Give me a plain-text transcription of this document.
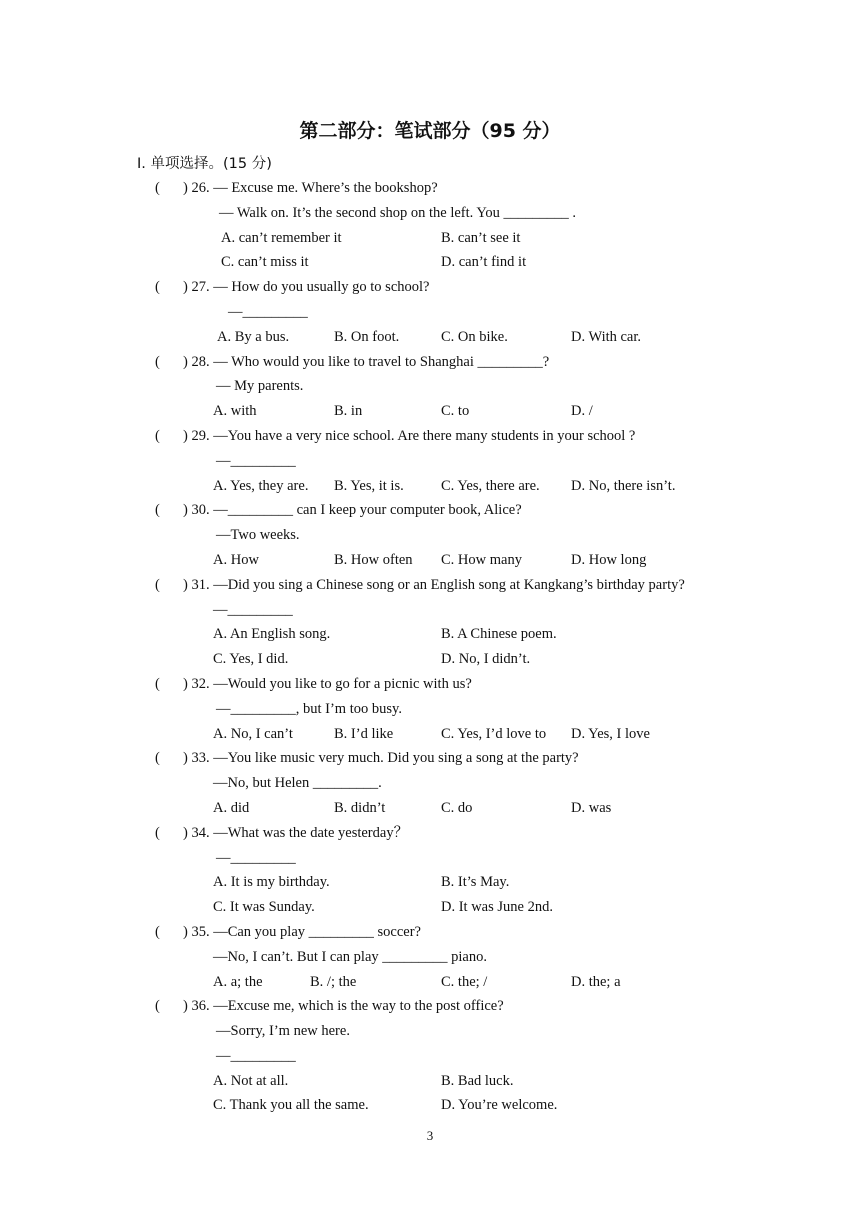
第二部分：笔试部分（95 分）
Ⅰ. 单项选择。(15 分)
( ) 26. — Excuse me. Where’s the bookshop?
— Walk on. It’s the second shop on the left. You _________ .
A. can’t remember it	B. can’t see it
C. can’t miss it	D. can’t find it
( ) 27. — How do you usually go to school?
—_________
A. By a bus.	B. On foot.	C. On bike.	D. With car.
( ) 28. — Who would you like to travel to Shanghai _________?
— My parents.
A. with	B. in	C. to	D. /
( ) 29. —You have a very nice school. Are there many students in your school ?
—_________
A. Yes, they are. B. Yes, it is.	C. Yes, there are. D. No, there isn’t.
( ) 30. —_________ can I keep your computer book, Alice?
—Two weeks.
A. How	B. How often C. How many	D. How long
( ) 31. —Did you sing a Chinese song or an English song at Kangkang’s birthday party?
—_________
A. An English song.	B. A Chinese poem.
C. Yes, I did.	D. No, I didn’t.
( ) 32. —Would you like to go for a picnic with us?
—_________, but I’m too busy.
A. No, I can’t	B. I’d like	C. Yes, I’d love to D. Yes, I love
( ) 33. —You like music very much. Did you sing a song at the party?
—No, but Helen _________.
A. did	B. didn’t	C. do	D. was
( ) 34. —What was the date yesterday？
—_________
A. It is my birthday.	B. It’s May.
C. It was Sunday.	D. It was June 2nd.
( ) 35. —Can you play _________ soccer?
—No, I can’t. But I can play _________ piano.
A. a; the	B. /; the	C. the; /	D. the; a
( ) 36. —Excuse me, which is the way to the post office?
—Sorry, I’m new here.
—_________
A. Not at all.	B. Bad luck.
C. Thank you all the same.	D. You’re welcome.
3
